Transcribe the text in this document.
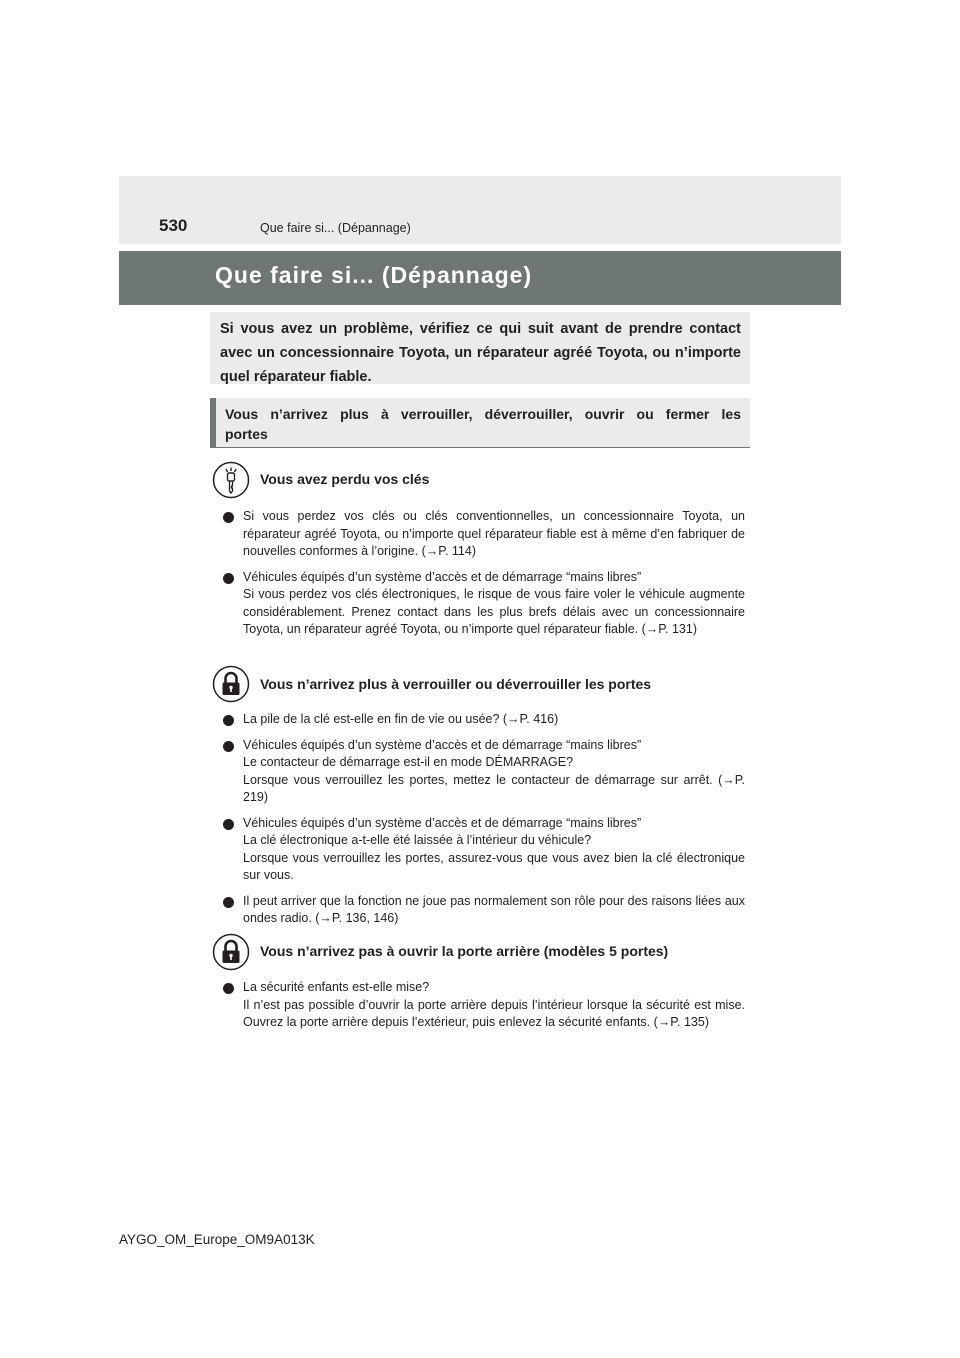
530	Que faire si... (Dépannage)
Que faire si... (Dépannage)

Si vous avez un problème, vérifiez ce qui suit avant de prendre contact avec un concessionnaire Toyota, un réparateur agréé Toyota, ou n’importe quel réparateur fiable.

Vous n’arrivez plus à verrouiller, déverrouiller, ouvrir ou fermer les portes

Vous avez perdu vos clés
Si vous perdez vos clés ou clés conventionnelles, un concessionnaire Toyota, un réparateur agréé Toyota, ou n’importe quel réparateur fiable est à même d’en fabriquer de nouvelles conformes à l’origine. (→P. 114)
Véhicules équipés d’un système d’accès et de démarrage “mains libres”
Si vous perdez vos clés électroniques, le risque de vous faire voler le véhicule augmente considérablement. Prenez contact dans les plus brefs délais avec un concessionnaire Toyota, un réparateur agréé Toyota, ou n’importe quel réparateur fiable. (→P. 131)
Vous n’arrivez plus à verrouiller ou déverrouiller les portes
La pile de la clé est-elle en fin de vie ou usée? (→P. 416)
Véhicules équipés d’un système d’accès et de démarrage “mains libres”
Le contacteur de démarrage est-il en mode DÉMARRAGE?
Lorsque vous verrouillez les portes, mettez le contacteur de démarrage sur arrêt. (→P. 219)
Véhicules équipés d’un système d’accès et de démarrage “mains libres”
La clé électronique a-t-elle été laissée à l’intérieur du véhicule?
Lorsque vous verrouillez les portes, assurez-vous que vous avez bien la clé électronique sur vous.
Il peut arriver que la fonction ne joue pas normalement son rôle pour des raisons liées aux ondes radio. (→P. 136, 146)
Vous n’arrivez pas à ouvrir la porte arrière (modèles 5 portes)
La sécurité enfants est-elle mise?
Il n’est pas possible d’ouvrir la porte arrière depuis l’intérieur lorsque la sécurité est mise. Ouvrez la porte arrière depuis l’extérieur, puis enlevez la sécurité enfants. (→P. 135)
AYGO_OM_Europe_OM9A013K
